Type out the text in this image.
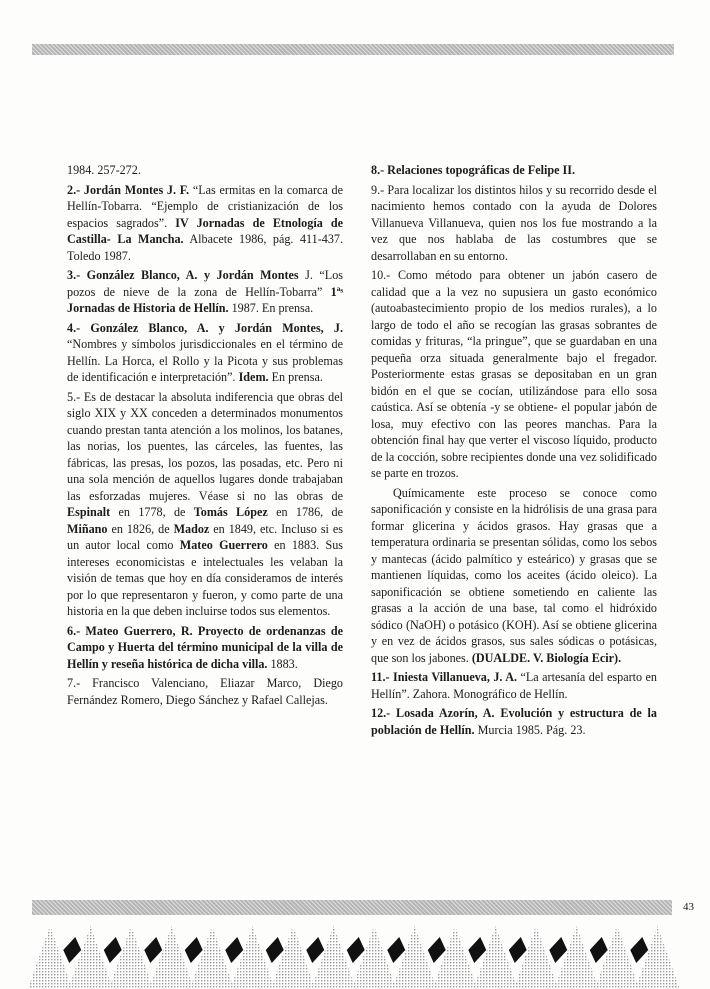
1984. 257-272.

2.- Jordán Montes J. F. “Las ermitas en la comarca de Hellín-Tobarra. “Ejemplo de cristianización de los espacios sagrados”. IV Jornadas de Etnología de Castilla- La Mancha. Albacete 1986, pág. 411-437. Toledo 1987.

3.- González Blanco, A. y Jordán Montes J. “Los pozos de nieve de la zona de Hellín-Tobarra” 1ªˢ Jornadas de Historia de Hellín. 1987. En prensa.

4.- González Blanco, A. y Jordán Montes, J. “Nombres y símbolos jurisdiccionales en el término de Hellín. La Horca, el Rollo y la Picota y sus problemas de identificación e interpretación”. Idem. En prensa.

5.- Es de destacar la absoluta indiferencia que obras del siglo XIX y XX conceden a determinados monumentos cuando prestan tanta atención a los molinos, los batanes, las norias, los puentes, las cárceles, las fuentes, las fábricas, las presas, los pozos, las posadas, etc. Pero ni una sola mención de aquellos lugares donde trabajaban las esforzadas mujeres. Véase si no las obras de Espinalt en 1778, de Tomás López en 1786, de Miñano en 1826, de Madoz en 1849, etc. Incluso si es un autor local como Mateo Guerrero en 1883. Sus intereses economicistas e intelectuales les velaban la visión de temas que hoy en día consideramos de interés por lo que representaron y fueron, y como parte de una historia en la que deben incluirse todos sus elementos.

6.- Mateo Guerrero, R. Proyecto de ordenanzas de Campo y Huerta del término municipal de la villa de Hellín y reseña histórica de dicha villa. 1883.

7.- Francisco Valenciano, Eliazar Marco, Diego Fernández Romero, Diego Sánchez y Rafael Callejas.

8.- Relaciones topográficas de Felipe II.

9.- Para localizar los distintos hilos y su recorrido desde el nacimiento hemos contado con la ayuda de Dolores Villanueva Villanueva, quien nos los fue mostrando a la vez que nos hablaba de las costumbres que se desarrollaban en su entorno.

10.- Como método para obtener un jabón casero de calidad que a la vez no supusiera un gasto económico (autoabastecimiento propio de los medios rurales), a lo largo de todo el año se recogían las grasas sobrantes de comidas y frituras, “la pringue”, que se guardaban en una pequeña orza situada generalmente bajo el fregador. Posteriormente estas grasas se depositaban en un gran bidón en el que se cocían, utilizándose para ello sosa caústica. Así se obtenía -y se obtiene- el popular jabón de losa, muy efectivo con las peores manchas. Para la obtención final hay que verter el viscoso líquido, producto de la cocción, sobre recipientes donde una vez solidificado se parte en trozos.

Químicamente este proceso se conoce como saponificación y consiste en la hidrólisis de una grasa para formar glicerina y ácidos grasos. Hay grasas que a temperatura ordinaria se presentan sólidas, como los sebos y mantecas (ácido palmítico y esteárico) y grasas que se mantienen líquidas, como los aceites (ácido oleico). La saponificación se obtiene sometiendo en caliente las grasas a la acción de una base, tal como el hidróxido sódico (NaOH) o potásico (KOH). Así se obtiene glicerina y en vez de ácidos grasos, sus sales sódicas o potásicas, que son los jabones. (DUALDE. V. Biología Ecir).

11.- Iniesta Villanueva, J. A. “La artesanía del esparto en Hellín”. Zahora. Monográfico de Hellín.

12.- Losada Azorín, A. Evolución y estructura de la población de Hellín. Murcia 1985. Pág. 23.

43
